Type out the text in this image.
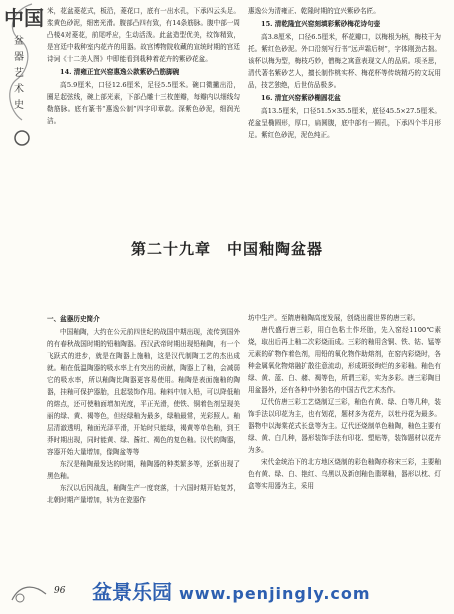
中国
盆器艺术史

米，花盆菱花式，板沿，菱花口，底有一出水孔，下承四云头足。浆黄色砂泥，细密光滑。腹部凸四有致，有14条筋脉。腹中部一周凸棱4对菱花，前尾呼应，生动活泼。此盆造型优美，纹饰精致，是宫廷中栽种室内花卉的用器。故宫博物院收藏的宣统时期的宫廷诗词《十二美人图》中即能看到栽种着花卉的紫砂花盆。

14. 清雍正宜兴窑惠逸公款紫砂凸筋脚碗

高5.9厘米，口径12.6厘米，足径5.5厘米。碗口微撇出沿，圈足起弦线，碗上部光素，下部凸雕十三枚莲瓣，每瓣内以细线勾勒筋脉。底有篆书“惠逸公制”四字印章款。深紫色砂泥，细润光洁。

惠逸公为清雍正、乾隆时期的宜兴紫砂名匠。

15. 清乾隆宜兴窑刻填彩紫砂梅花诗句壶

高3.8厘米，口径6.5厘米，杯花瓣口，以梅根为柄，梅枝干为托。紫红色砂泥。外口沿刻写行书“远声霜后树”，字体刚劲古拙。该杯以梅为型，梅枝巧妙，僧梅之寓意表现文人的品质。项圣思，清代著名紫砂艺人，擅长制作桃实杯、梅花杯等传统精巧的文玩用品，技艺独绝，后世仿品极多。

16. 清宜兴窑紫砂椭圆花盆

高13.5厘米，口径51.5×35.5厘米，底径45.5×27.5厘米。花盆呈椭圆形，厚口，扁圆腹，底中部有一圆孔，下承四个半月形足。紫红色砂泥，泥色纯正。

第二十九章　中国釉陶盆器
一、盆器历史简介

中国釉陶，大约在公元前四世纪的战国中期出现，流传到国外的有春秋战国时期的铅釉陶器。西汉武帝时期出现铅釉陶，有一个飞跃式的进步，就是在陶器上施釉，这是汉代制陶工艺的杰出成就。釉在低温陶器的吸水率上有突出的贡献，陶器上了釉，会减弱它的吸水率，所以釉陶比陶器更容易使用。釉陶是表面施釉的陶器，挂釉可保护器胎，且起装饰作用。釉料中加入铅，可以降低釉的熔点，还可使釉面增加光度，平正光滑，使铁、铜着色剂呈现美丽的绿、黄、褐等色，但经绿釉为最多，绿釉最常，光彩照人。釉层清澈透明，釉面光泽平滑，开始时只能绿，褐黄等单色釉，到王莽时期出现，同时能黄、绿、酱红、褐色的复色釉。汉代的陶器，容器开始大量增加，像陶盆等等

东汉是釉陶最发达的时期，釉陶器的种类繁多等，还新出现了黑色釉。

东汉以后因战乱，釉陶生产一度衰落，十六国时期开始复苏，北朝时期产量增加，转为在瓷器作

坊中生产。至隋唐釉陶高度发展，创烧出震世界的唐三彩。

唐代盛行唐三彩，用白色粘土作坯胎，先入窑经1100℃素烧，取出后再上釉二次彩烧而成。三彩的釉用含铜、铁、钴、锰等元素的矿物作着色剂，用铅的氧化物作助熔剂，在窑内彩烧时，各种金属氧化物熔融扩散往意流动，形成斑驳绚烂的多彩釉。釉色有绿、黄、蓝、白、赭、褐等色，所谓三彩，实为多彩。唐三彩陶目用盆器外，还有各种中外独名的中国古代艺术杰作。

辽代仿唐三彩工艺烧制辽三彩，釉色有黄、绿、白等几种，装饰手法以印花为主，也有划花，题材多为花卉，以牡丹花为最多。器物中以海棠花式长盘等为主。辽代还烧制单色釉陶，釉色主要有绿、黄、白几种，器形装饰手法有印花、塑贴等，装饰题材以花卉为多。

宋代金统治下的北方地区烧制的彩色釉陶亦称宋三彩，主要釉色有黄、绿、白、艳红、乌黑以及新创釉色翡翠釉，器形以枕、灯盒等实用器为主，采用

96 盆景乐园 www.penjingly.com
